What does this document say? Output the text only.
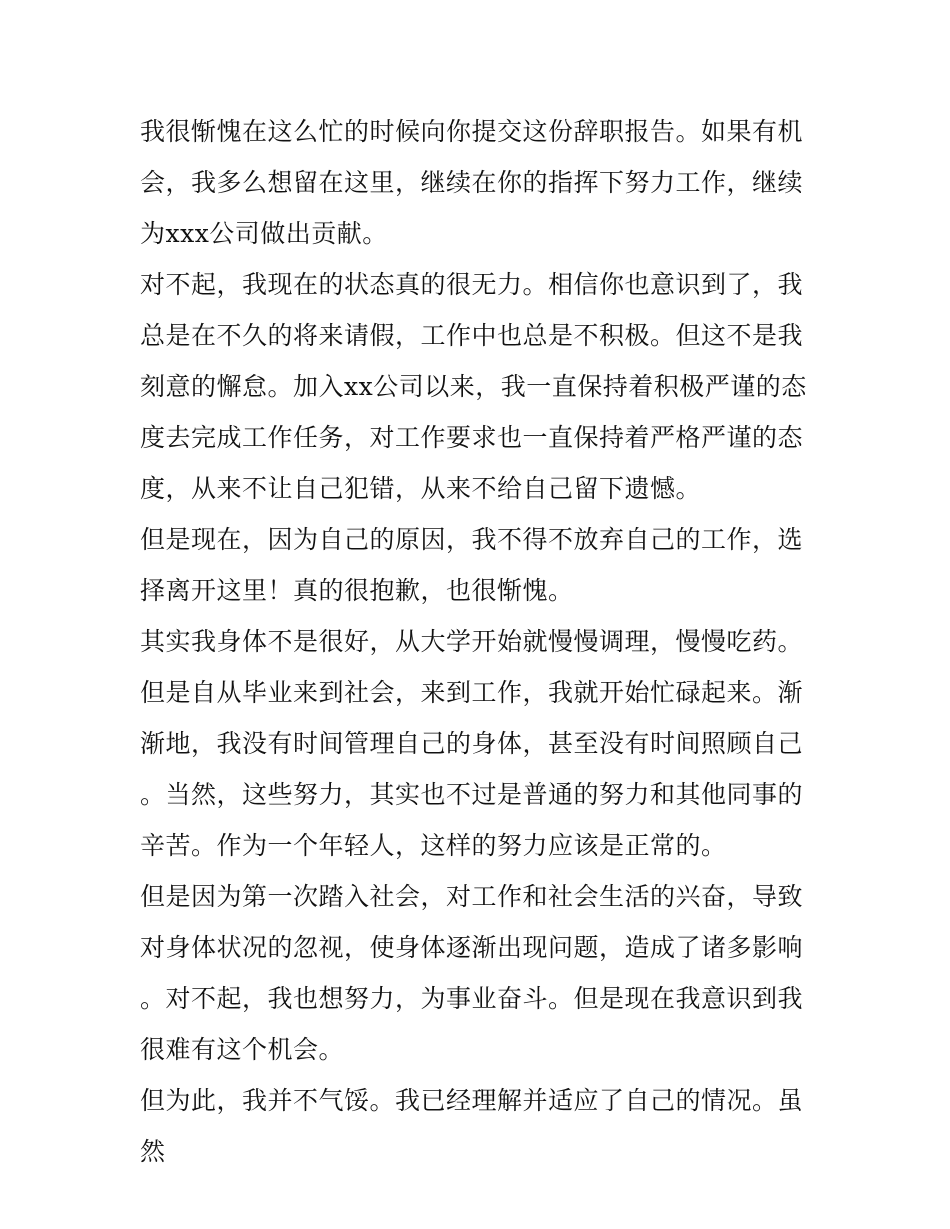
我很惭愧在这么忙的时候向你提交这份辞职报告。如果有机会，我多么想留在这里，继续在你的指挥下努力工作，继续为xxx公司做出贡献。

对不起，我现在的状态真的很无力。相信你也意识到了，我总是在不久的将来请假，工作中也总是不积极。但这不是我刻意的懈怠。加入xx公司以来，我一直保持着积极严谨的态度去完成工作任务，对工作要求也一直保持着严格严谨的态度，从来不让自己犯错，从来不给自己留下遗憾。

但是现在，因为自己的原因，我不得不放弃自己的工作，选择离开这里！真的很抱歉，也很惭愧。

其实我身体不是很好，从大学开始就慢慢调理，慢慢吃药。但是自从毕业来到社会，来到工作，我就开始忙碌起来。渐渐地，我没有时间管理自己的身体，甚至没有时间照顾自己。当然，这些努力，其实也不过是普通的努力和其他同事的辛苦。作为一个年轻人，这样的努力应该是正常的。

但是因为第一次踏入社会，对工作和社会生活的兴奋，导致对身体状况的忽视，使身体逐渐出现问题，造成了诸多影响。对不起，我也想努力，为事业奋斗。但是现在我意识到我很难有这个机会。

但为此，我并不气馁。我已经理解并适应了自己的情况。虽然
